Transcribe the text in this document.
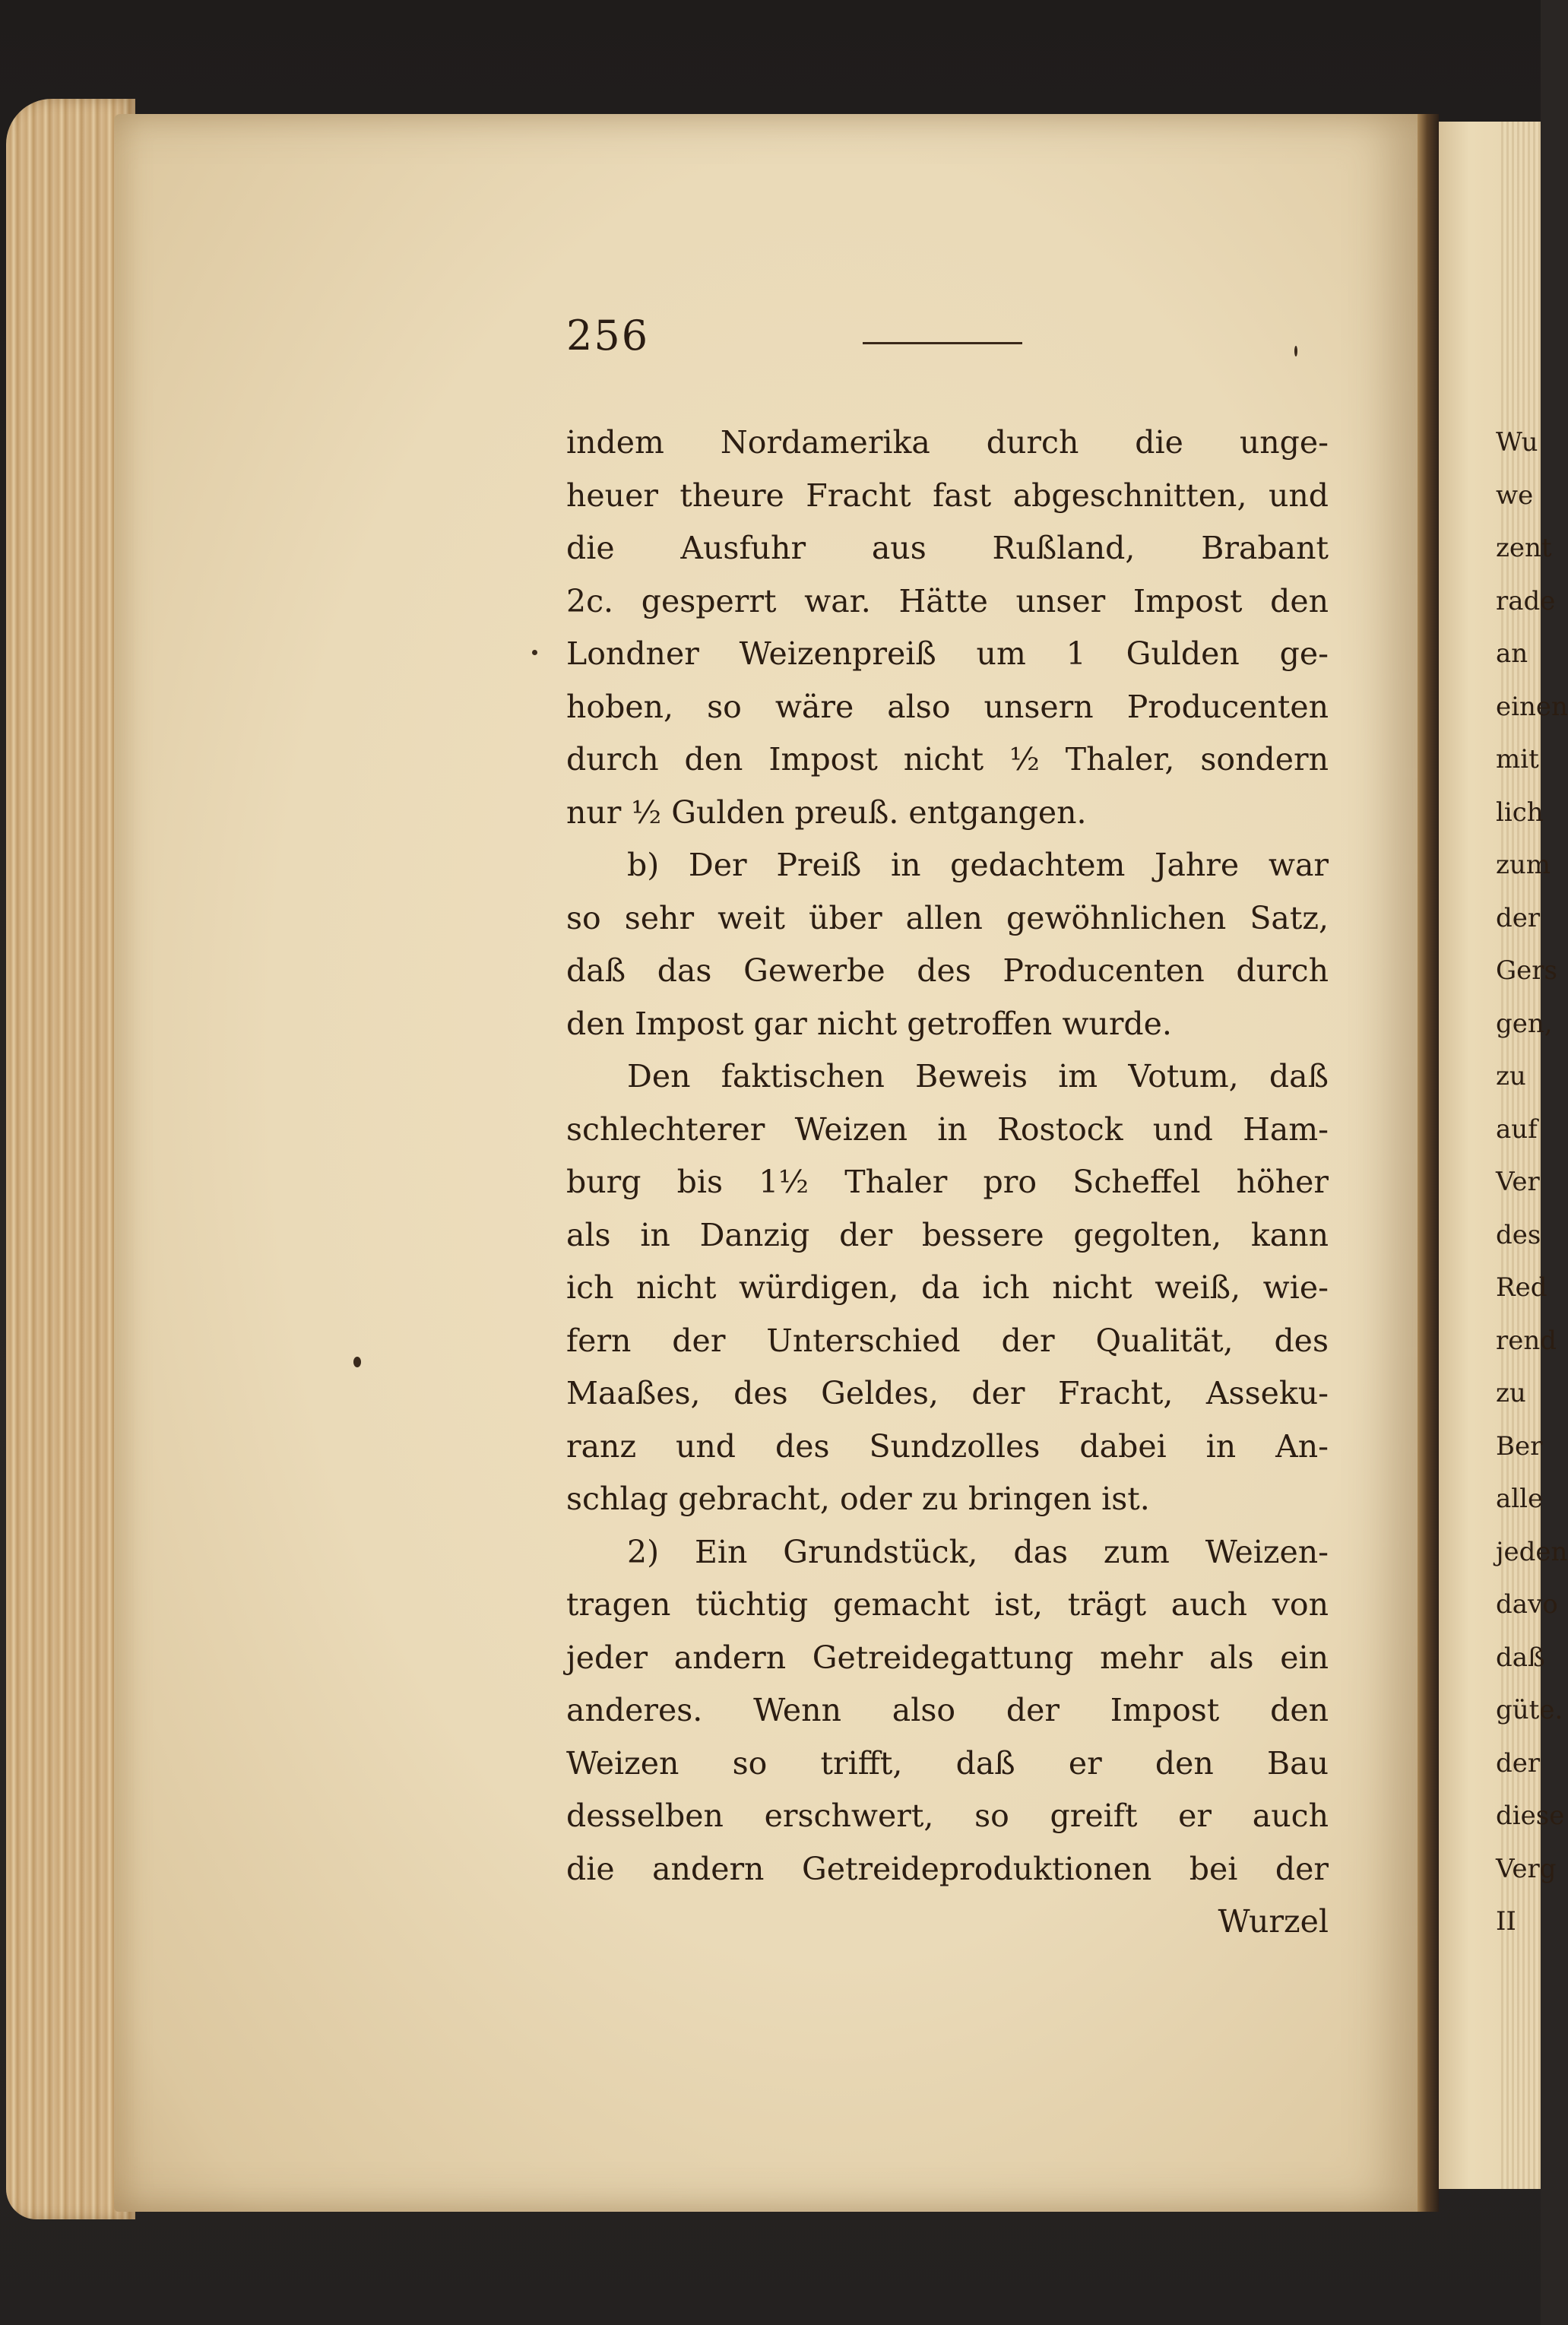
256
indem Nordamerika durch die unge-
heuer theure Fracht fast abgeschnitten, und
die Ausfuhr aus Rußland, Brabant
2c. gesperrt war. Hätte unser Impost den
Londner Weizenpreiß um 1 Gulden ge-
hoben, so wäre also unsern Producenten
durch den Impost nicht ½ Thaler, sondern
nur ½ Gulden preuß. entgangen.
b) Der Preiß in gedachtem Jahre war
so sehr weit über allen gewöhnlichen Satz,
daß das Gewerbe des Producenten durch
den Impost gar nicht getroffen wurde.
Den faktischen Beweis im Votum, daß
schlechterer Weizen in Rostock und Ham-
burg bis 1½ Thaler pro Scheffel höher
als in Danzig der bessere gegolten, kann
ich nicht würdigen, da ich nicht weiß, wie-
fern der Unterschied der Qualität, des
Maaßes, des Geldes, der Fracht, Asseku-
ranz und des Sundzolles dabei in An-
schlag gebracht, oder zu bringen ist.
2) Ein Grundstück, das zum Weizen-
tragen tüchtig gemacht ist, trägt auch von
jeder andern Getreidegattung mehr als ein
anderes. Wenn also der Impost den
Weizen so trifft, daß er den Bau
desselben erschwert, so greift er auch
die andern Getreideproduktionen bei der
Wurzel
Wu
we
zent
rade
an
einen
mit
lich
zum
der
Gers
gen,
zu
auf
Ver
des
Red
rend
zu
Ber
alle
jeden
davo
daß
güte.
der
diese
Verg
II
